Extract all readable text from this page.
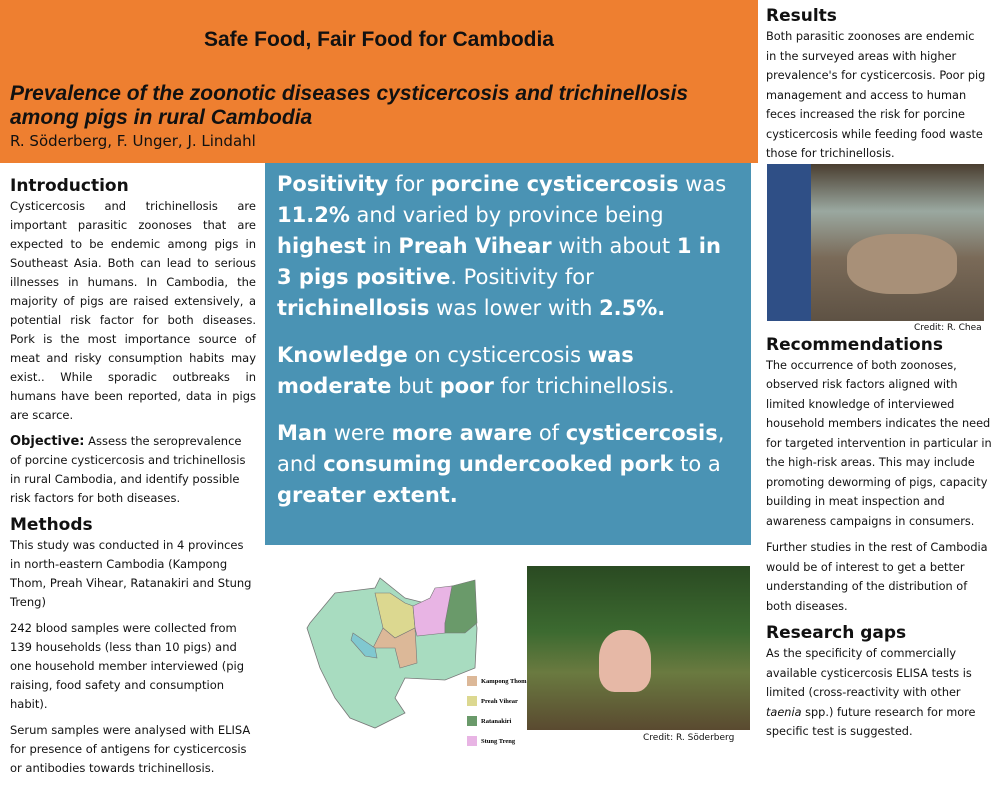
Safe Food, Fair Food for Cambodia
Prevalence of the zoonotic diseases cysticercosis and trichinellosis among pigs in rural Cambodia
R. Söderberg, F. Unger, J. Lindahl
Introduction

Cysticercosis and trichinellosis are important parasitic zoonoses that are expected to be endemic among pigs in Southeast Asia. Both can lead to serious illnesses in humans. In Cambodia, the majority of pigs are raised extensively, a potential risk factor for both diseases. Pork is the most importance source of meat and risky consumption habits may exist.. While sporadic outbreaks in humans have been reported, data in pigs are scarce.

Objective: Assess the seroprevalence of porcine cysticercosis and trichinellosis in rural Cambodia, and identify possible risk factors for both diseases.

Methods

This study was conducted in 4 provinces in north-eastern Cambodia (Kampong Thom, Preah Vihear, Ratanakiri and Stung Treng)

242 blood samples were collected from 139 households (less than 10 pigs) and one household member interviewed (pig raising, food safety and consumption habit).

Serum samples were analysed with ELISA for presence of antigens for cysticercosis or antibodies towards trichinellosis.

Positivity for porcine cysticercosis was 11.2% and varied by province being highest in Preah Vihear with about 1 in 3 pigs positive. Positivity for trichinellosis was lower with 2.5%.

Knowledge on cysticercosis was moderate but poor for trichinellosis.

Man were more aware of cysticercosis, and consuming undercooked pork to a greater extent.

Kampong Thom
Preah Vihear
Ratanakiri
Stung Treng	Credit: R. Söderberg
Credit: R. Chea
Results

Both parasitic zoonoses are endemic in the surveyed areas with higher prevalence's for cysticercosis. Poor pig management and access to human feces increased the risk for porcine cysticercosis while feeding food waste those for trichinellosis.

Recommendations

The occurrence of both zoonoses, observed risk factors aligned with limited knowledge of interviewed household members indicates the need for targeted intervention in particular in the high-risk areas. This may include promoting deworming of pigs, capacity building in meat inspection and awareness campaigns in consumers.

Further studies in the rest of Cambodia would be of interest to get a better understanding of the distribution of both diseases.

Research gaps

As the specificity of commercially available cysticercosis ELISA tests is limited (cross-reactivity with other taenia spp.) future research for more specific test is suggested.
